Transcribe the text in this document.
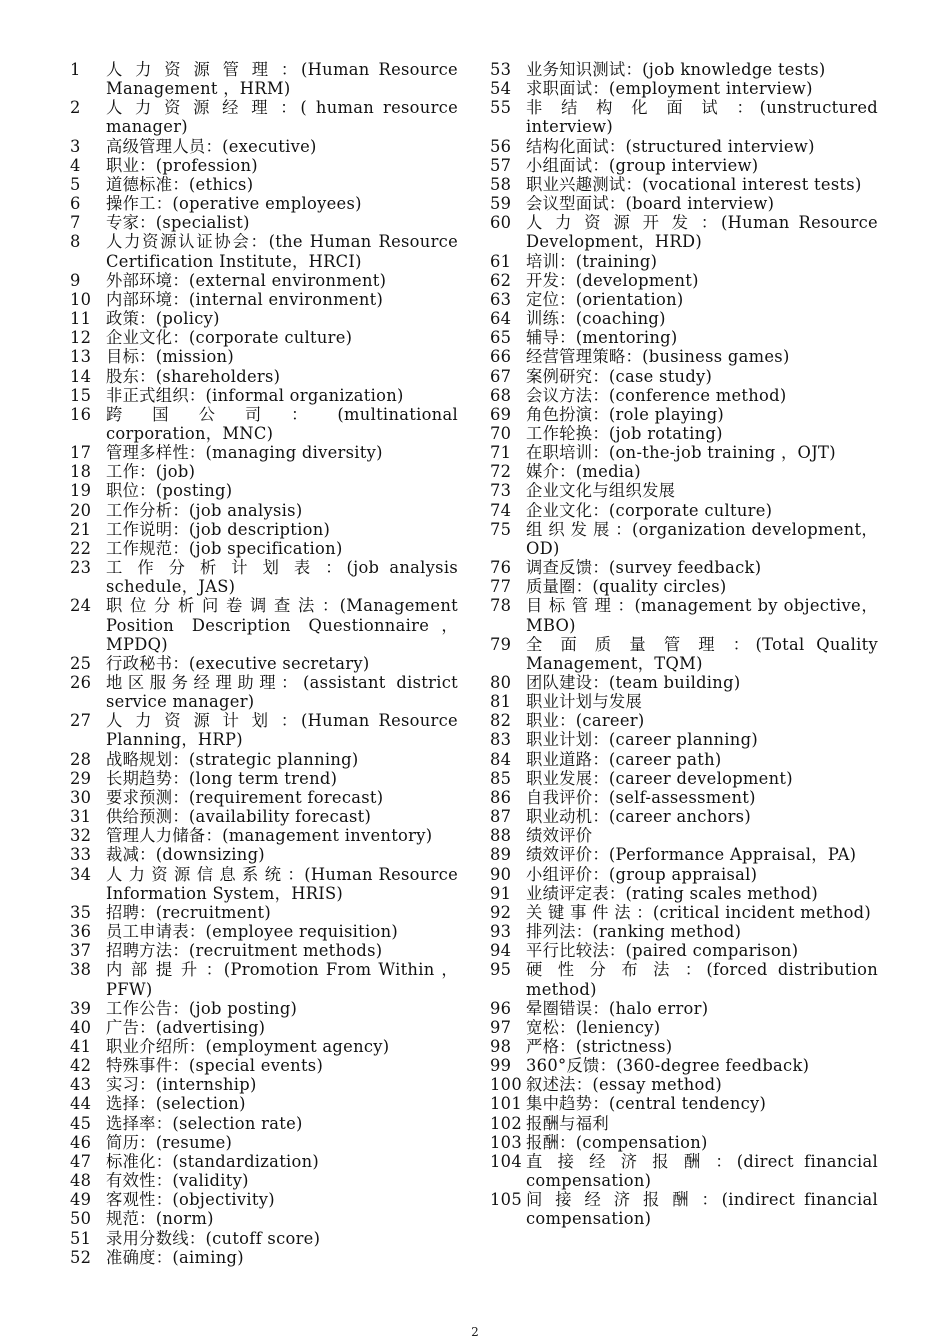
1	人 力 资 源 管 理 ：(Human Resource Management ，HRM)
2	人 力 资 源 经 理 ：( human resource manager)
3	高级管理人员：(executive)
4	职业：(profession)
5	道德标准：(ethics)
6	操作工：(operative employees)
7	专家：(specialist)
8	人力资源认证协会：(the Human Resource Certification Institute，HRCI)
9	外部环境：(external environment)
10 内部环境：(internal environment)
11 政策：(policy)
12 企业文化：(corporate culture)
13 目标：(mission)
14 股东：(shareholders)
15 非正式组织：(informal organization)
16 跨 国 公 司 ： (multinational corporation，MNC)
17 管理多样性：(managing diversity)
18 工作：(job)
19 职位：(posting)
20 工作分析：(job analysis)
21 工作说明：(job description)
22 工作规范：(job specification)
23 工 作 分 析 计 划 表 ：(job analysis schedule，JAS)
24 职 位 分 析 问 卷 调 查 法 ：(Management Position Description Questionnaire，MPDQ)
25 行政秘书：(executive secretary)
26 地区服务经理助理：(assistant district service manager)
27 人 力 资 源 计 划 ：(Human Resource Planning，HRP)
28 战略规划：(strategic planning)
29 长期趋势：(long term trend)
30 要求预测：(requirement forecast)
31 供给预测：(availability forecast)
32 管理人力储备：(management inventory)
33 裁减：(downsizing)
34 人 力 资 源 信 息 系 统 ：(Human Resource Information System，HRIS)
35 招聘：(recruitment)
36 员工申请表：(employee requisition)
37 招聘方法：(recruitment methods)
38 内 部 提 升 ：(Promotion From Within ，PFW)
39 工作公告：(job posting)
40 广告：(advertising)
41 职业介绍所：(employment agency)
42 特殊事件：(special events)
43 实习：(internship)
44 选择：(selection)
45 选择率：(selection rate)
46 简历：(resume)
47 标准化：(standardization)
48 有效性：(validity)
49 客观性：(objectivity)
50 规范：(norm)
51 录用分数线：(cutoff score)
52 准确度：(aiming)
53 业务知识测试：(job knowledge tests)
54 求职面试：(employment interview)
55 非 结 构 化 面 试 ：(unstructured interview)
56 结构化面试：(structured interview)
57 小组面试：(group interview)
58 职业兴趣测试：(vocational interest tests)
59 会议型面试：(board interview)
60 人 力 资 源 开 发 ：(Human Resource Development，HRD)
61 培训：(training)
62 开发：(development)
63 定位：(orientation)
64 训练：(coaching)
65 辅导：(mentoring)
66 经营管理策略：(business games)
67 案例研究：(case study)
68 会议方法：(conference method)
69 角色扮演：(role playing)
70 工作轮换：(job rotating)
71 在职培训：(on-the-job training ，OJT)
72 媒介：(media)
73 企业文化与组织发展
74 企业文化：(corporate culture)
75 组 织 发 展 ：(organization development，OD)
76 调查反馈：(survey feedback)
77 质量圈：(quality circles)
78 目 标 管 理 ：(management by objective，MBO)
79 全 面 质 量 管 理 ：(Total Quality Management，TQM)
80 团队建设：(team building)
81 职业计划与发展
82 职业：(career)
83 职业计划：(career planning)
84 职业道路：(career path)
85 职业发展：(career development)
86 自我评价：(self-assessment)
87 职业动机：(career anchors)
88 绩效评价
89 绩效评价：(Performance Appraisal，PA)
90 小组评价：(group appraisal)
91 业绩评定表：(rating scales method)
92 关 键 事 件 法 ：(critical incident method)
93 排列法：(ranking method)
94 平行比较法：(paired comparison)
95 硬 性 分 布 法 ：(forced distribution method)
96 晕圈错误：(halo error)
97 宽松：(leniency)
98 严格：(strictness)
99 360°反馈：(360-degree feedback)
100 叙述法：(essay method)
101 集中趋势：(central tendency)
102 报酬与福利
103 报酬：(compensation)
104 直 接 经 济 报 酬 ：(direct financial compensation)
105 间 接 经 济 报 酬 ：(indirect financial compensation)
2
